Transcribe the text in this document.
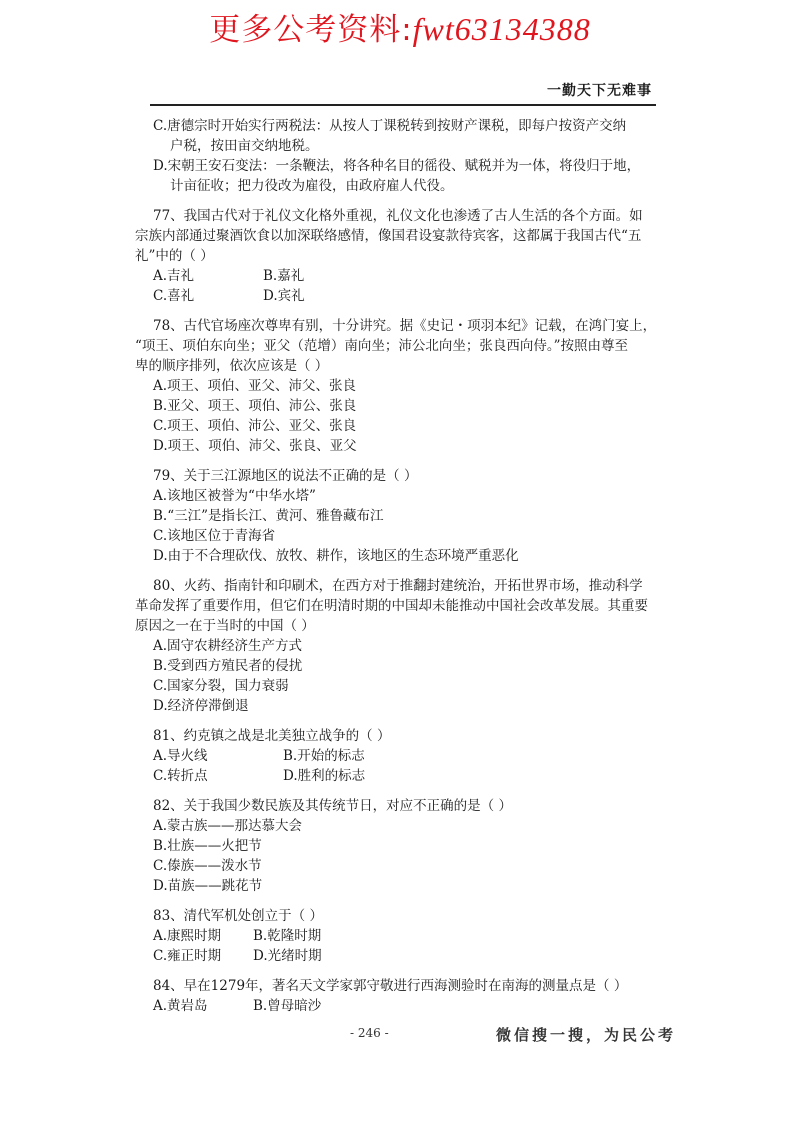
更多公考资料:fwt63134388
一勤天下无难事
C.唐德宗时开始实行两税法：从按人丁课税转到按财产课税，即每户按资产交纳
户税，按田亩交纳地税。
D.宋朝王安石变法：一条鞭法，将各种名目的徭役、赋税并为一体，将役归于地，
计亩征收；把力役改为雇役，由政府雇人代役。
77、我国古代对于礼仪文化格外重视，礼仪文化也渗透了古人生活的各个方面。如
宗族内部通过聚酒饮食以加深联络感情，像国君设宴款待宾客，这都属于我国古代“五
礼”中的（ ）
A.吉礼	B.嘉礼
C.喜礼	D.宾礼
78、古代官场座次尊卑有别，十分讲究。据《史记・项羽本纪》记载，在鸿门宴上，
“项王、项伯东向坐；亚父（范增）南向坐；沛公北向坐；张良西向侍。”按照由尊至
卑的顺序排列，依次应该是（ ）
A.项王、项伯、亚父、沛父、张良
B.亚父、项王、项伯、沛公、张良
C.项王、项伯、沛公、亚父、张良
D.项王、项伯、沛父、张良、亚父
79、关于三江源地区的说法不正确的是（ ）
A.该地区被誉为“中华水塔”
B.“三江”是指长江、黄河、雅鲁藏布江
C.该地区位于青海省
D.由于不合理砍伐、放牧、耕作，该地区的生态环境严重恶化
80、火药、指南针和印刷术，在西方对于推翻封建统治，开拓世界市场，推动科学
革命发挥了重要作用，但它们在明清时期的中国却未能推动中国社会改革发展。其重要
原因之一在于当时的中国（ ）
A.固守农耕经济生产方式
B.受到西方殖民者的侵扰
C.国家分裂，国力衰弱
D.经济停滞倒退
81、约克镇之战是北美独立战争的（ ）
A.导火线	B.开始的标志
C.转折点	D.胜利的标志
82、关于我国少数民族及其传统节日，对应不正确的是（ ）
A.蒙古族——那达慕大会
B.壮族——火把节
C.傣族——泼水节
D.苗族——跳花节
83、清代军机处创立于（ ）
A.康熙时期	B.乾隆时期
C.雍正时期	D.光绪时期
84、早在1279年，著名天文学家郭守敬进行西海测验时在南海的测量点是（ ）
A.黄岩岛	B.曾母暗沙
- 246 -	微信搜一搜，为民公考
